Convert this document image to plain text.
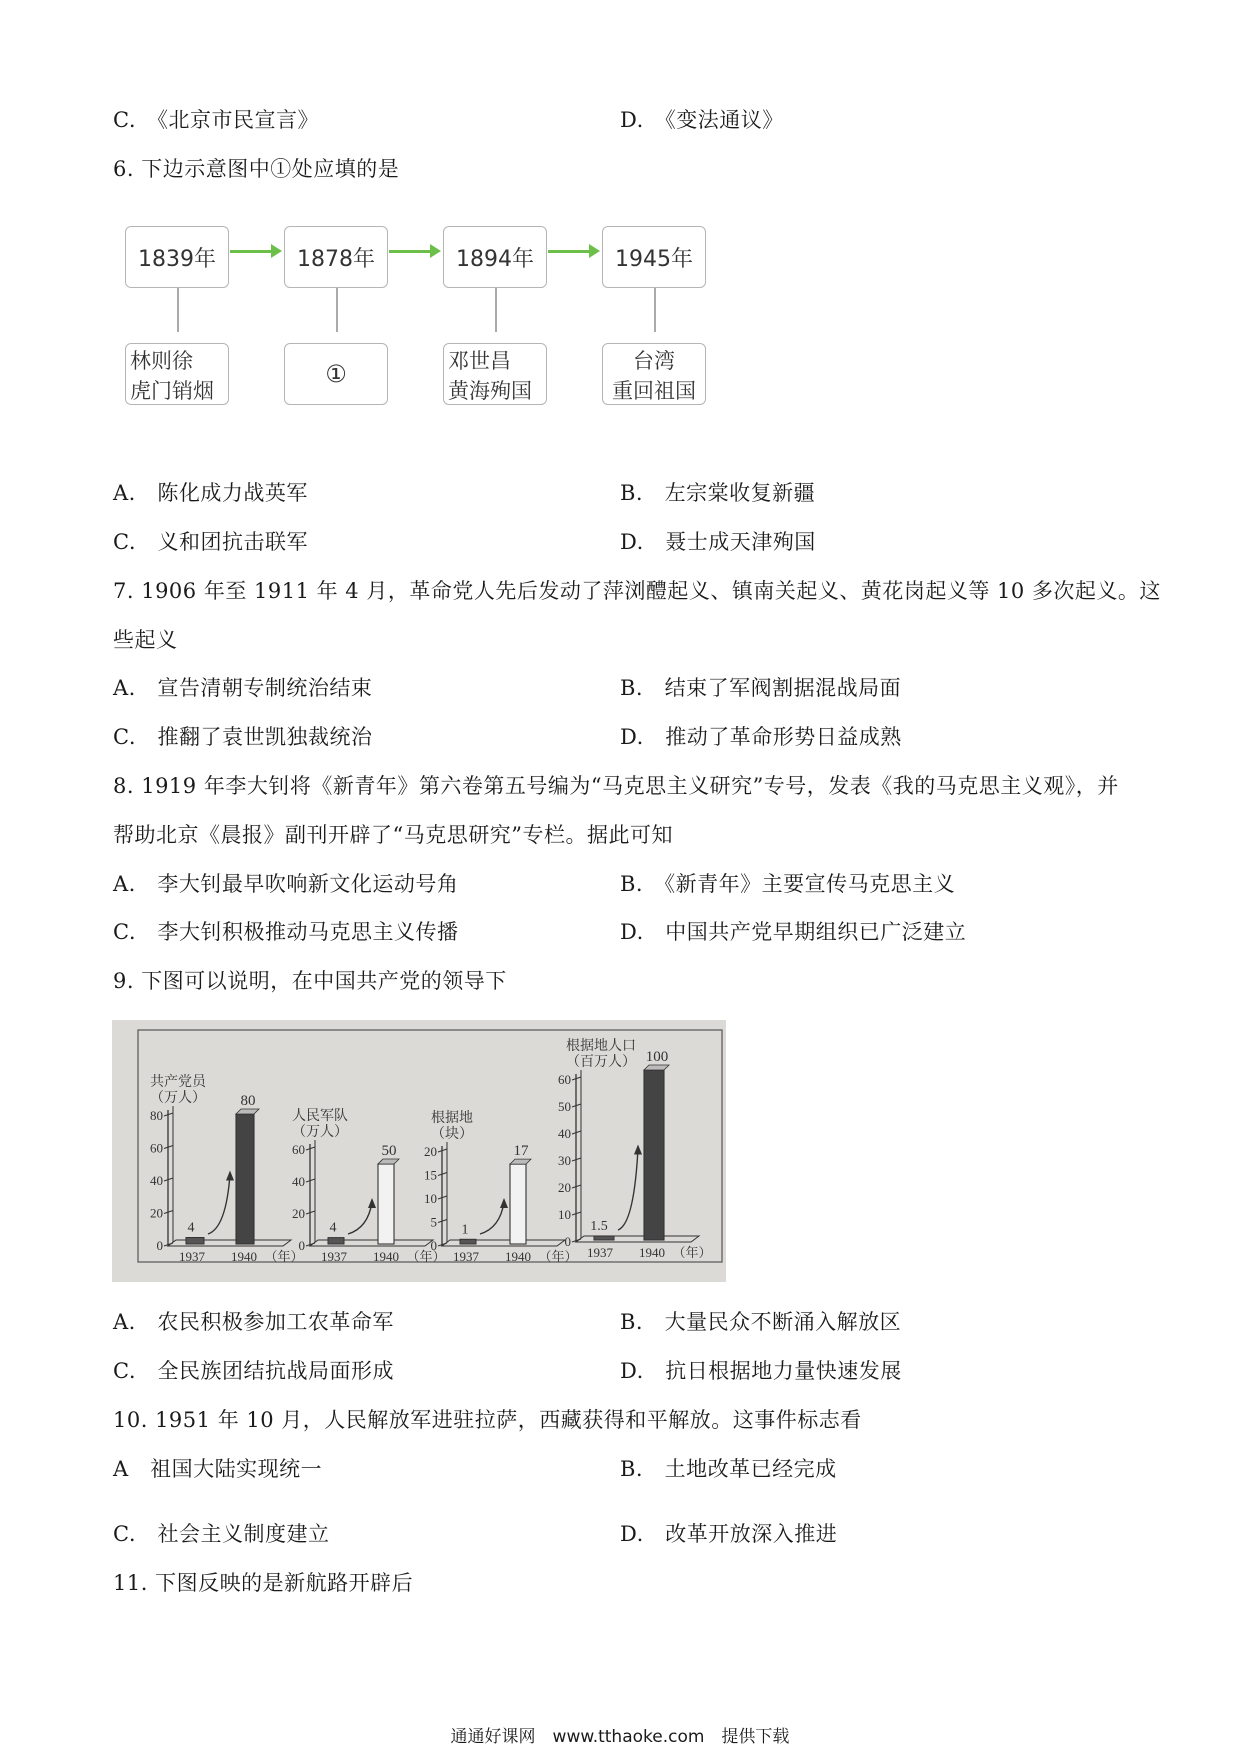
C.　《北京市民宣言》	D.　《变法通议》
6. 下边示意图中①处应填的是
1839年	1878年	1894年	1945年
林则徐
虎门销烟
①	邓世昌
黄海殉国
台湾
重回祖国
A.　陈化成力战英军	B.　左宗棠收复新疆
C.　义和团抗击联军	D.　聂士成天津殉国
7. 1906 年至 1911 年 4 月，革命党人先后发动了萍浏醴起义、镇南关起义、黄花岗起义等 10 多次起义。这
些起义
A.　宣告清朝专制统治结束	B.　结束了军阀割据混战局面
C.　推翻了袁世凯独裁统治	D.　推动了革命形势日益成熟
8. 1919 年李大钊将《新青年》第六卷第五号编为“马克思主义研究”专号，发表《我的马克思主义观》，并
帮助北京《晨报》副刊开辟了“马克思研究”专栏。据此可知
A.　李大钊最早吹响新文化运动号角	B.　《新青年》主要宣传马克思主义
C.　李大钊积极推动马克思主义传播	D.　中国共产党早期组织已广泛建立
9. 下图可以说明，在中国共产党的领导下
共产党员
（万人）
0
20
40
60
80
4
80
1937 1940 （年）
人民军队
（万人）
0
20
40
60
4
50
1937 1940 （年）
根据地
（块）
0
5
10
15
20
1
17
1937 1940 （年）
根据地人口
（百万人）
0
10
20
30
40
50
60
1.5
100
1937 1940 （年）
A.　农民积极参加工农革命军	B.　大量民众不断涌入解放区
C.　全民族团结抗战局面形成	D.　抗日根据地力量快速发展
10. 1951 年 10 月，人民解放军进驻拉萨，西藏获得和平解放。这事件标志看
A　祖国大陆实现统一	B.　土地改革已经完成
C.　社会主义制度建立	D.　改革开放深入推进
11. 下图反映的是新航路开辟后
通通好课网　www.tthaoke.com　提供下载
